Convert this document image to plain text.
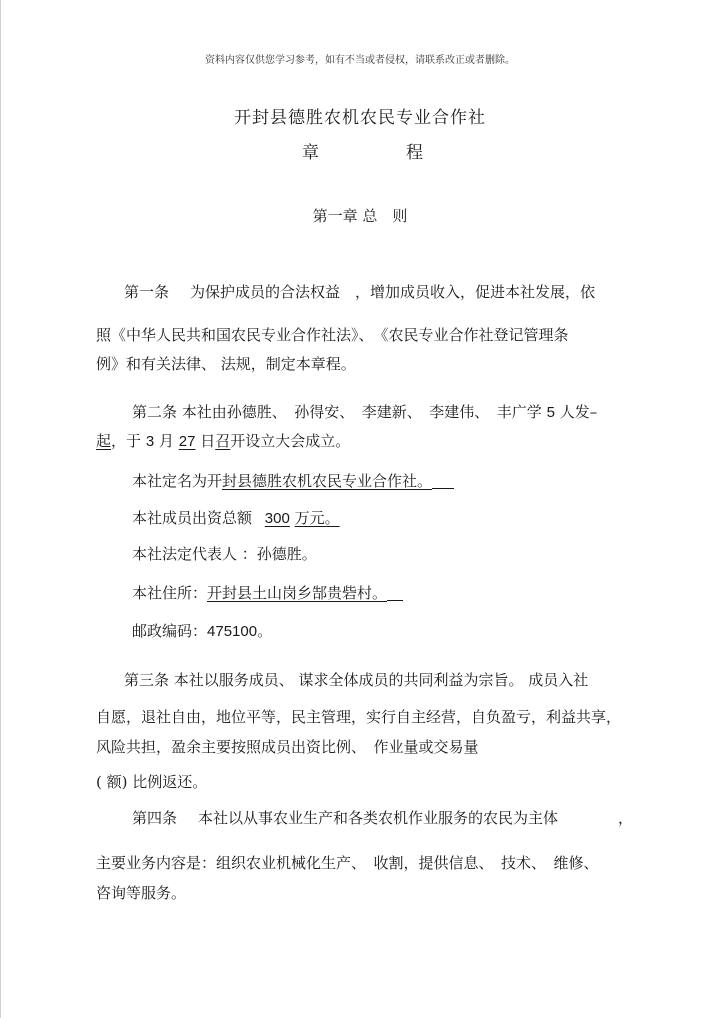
资料内容仅供您学习参考，如有不当或者侵权，请联系改正或者删除。
开封县德胜农机农民专业合作社
章	程
第一章 总　则
第一条 为保护成员的合法权益　，增加成员收入，促进本社发展，依
照《中华人民共和国农民专业合作社法》、　《农民专业合作社登记管理条
例》和有关法律、 法规，制定本章程。
第二条 本社由孙德胜、　孙得安、　李建新、　李建伟、　丰广学 5 人发–
起，于 3 月 27 日召开设立大会成立。
本社定名为开封县德胜农机农民专业合作社。
本社成员出资总额 300 万元。
本社法定代表人 ：孙德胜。
本社住所：开封县土山岗乡郜贵砦村。
邮政编码：475100。
第三条 本社以服务成员、 谋求全体成员的共同利益为宗旨。 成员入社
自愿，退社自由，地位平等，民主管理，实行自主经营，自负盈亏，利益共享，
风险共担，盈余主要按照成员出资比例、　作业量或交易量
( 额) 比例返还。
第四条 本社以从事农业生产和各类农机作业服务的农民为主体	，
主要业务内容是：组织农业机械化生产、　收割，提供信息、　技术、　维修、
咨询等服务。
